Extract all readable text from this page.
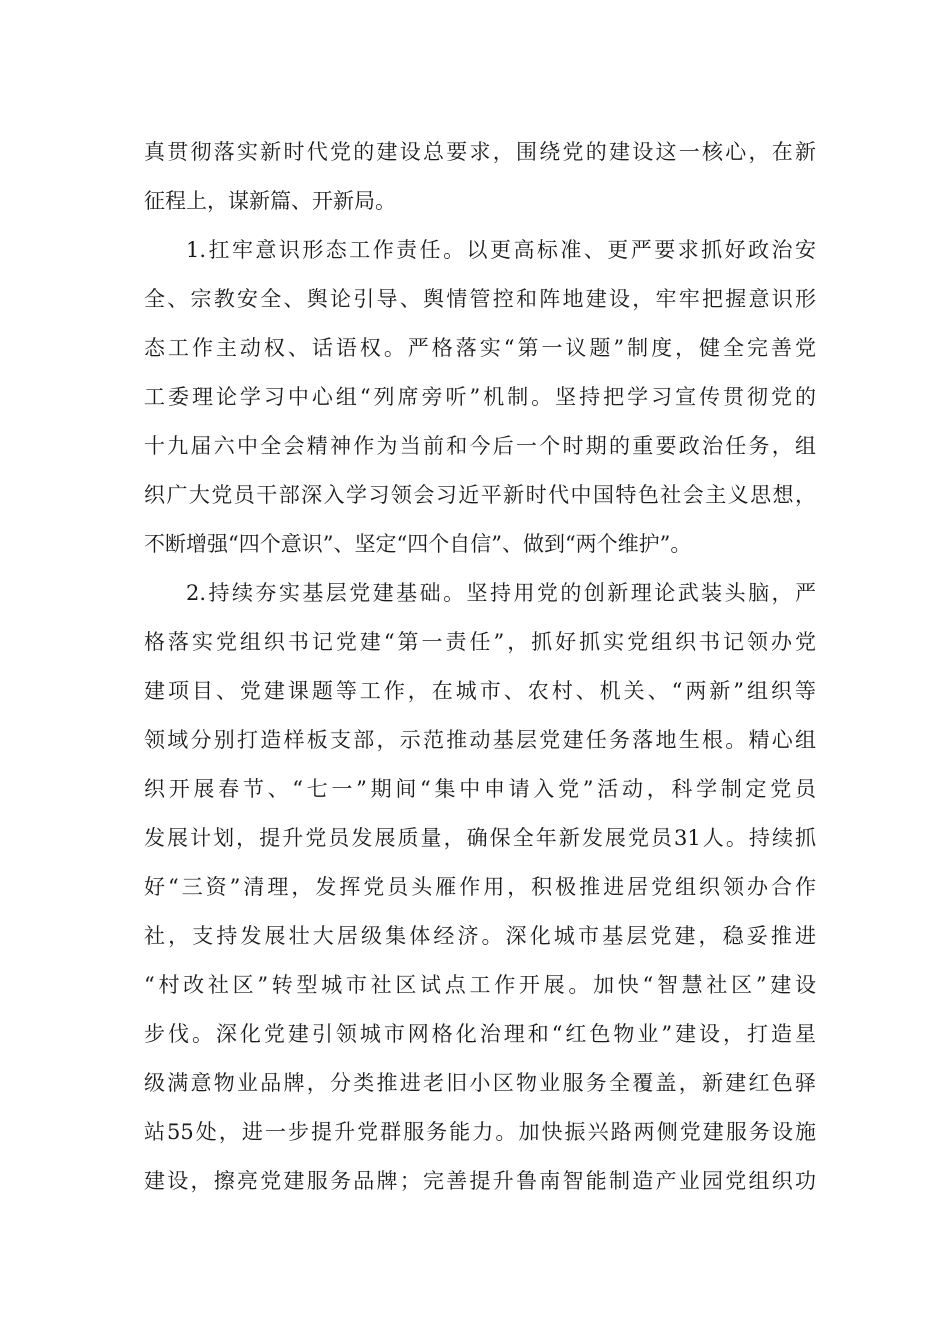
真贯彻落实新时代党的建设总要求，围绕党的建设这一核心，在新
征程上，谋新篇、开新局。
1.扛牢意识形态工作责任。以更高标准、更严要求抓好政治安
全、宗教安全、舆论引导、舆情管控和阵地建设，牢牢把握意识形
态工作主动权、话语权。严格落实“第一议题”制度，健全完善党
工委理论学习中心组“列席旁听”机制。坚持把学习宣传贯彻党的
十九届六中全会精神作为当前和今后一个时期的重要政治任务，组
织广大党员干部深入学习领会习近平新时代中国特色社会主义思想，
不断增强“四个意识”、坚定“四个自信”、做到“两个维护”。
2.持续夯实基层党建基础。坚持用党的创新理论武装头脑，严
格落实党组织书记党建“第一责任”，抓好抓实党组织书记领办党
建项目、党建课题等工作，在城市、农村、机关、“两新”组织等
领域分别打造样板支部，示范推动基层党建任务落地生根。精心组
织开展春节、“七一”期间“集中申请入党”活动，科学制定党员
发展计划，提升党员发展质量，确保全年新发展党员31人。持续抓
好“三资”清理，发挥党员头雁作用，积极推进居党组织领办合作
社，支持发展壮大居级集体经济。深化城市基层党建，稳妥推进
“村改社区”转型城市社区试点工作开展。加快“智慧社区”建设
步伐。深化党建引领城市网格化治理和“红色物业”建设，打造星
级满意物业品牌，分类推进老旧小区物业服务全覆盖，新建红色驿
站55处，进一步提升党群服务能力。加快振兴路两侧党建服务设施
建设，擦亮党建服务品牌；完善提升鲁南智能制造产业园党组织功
